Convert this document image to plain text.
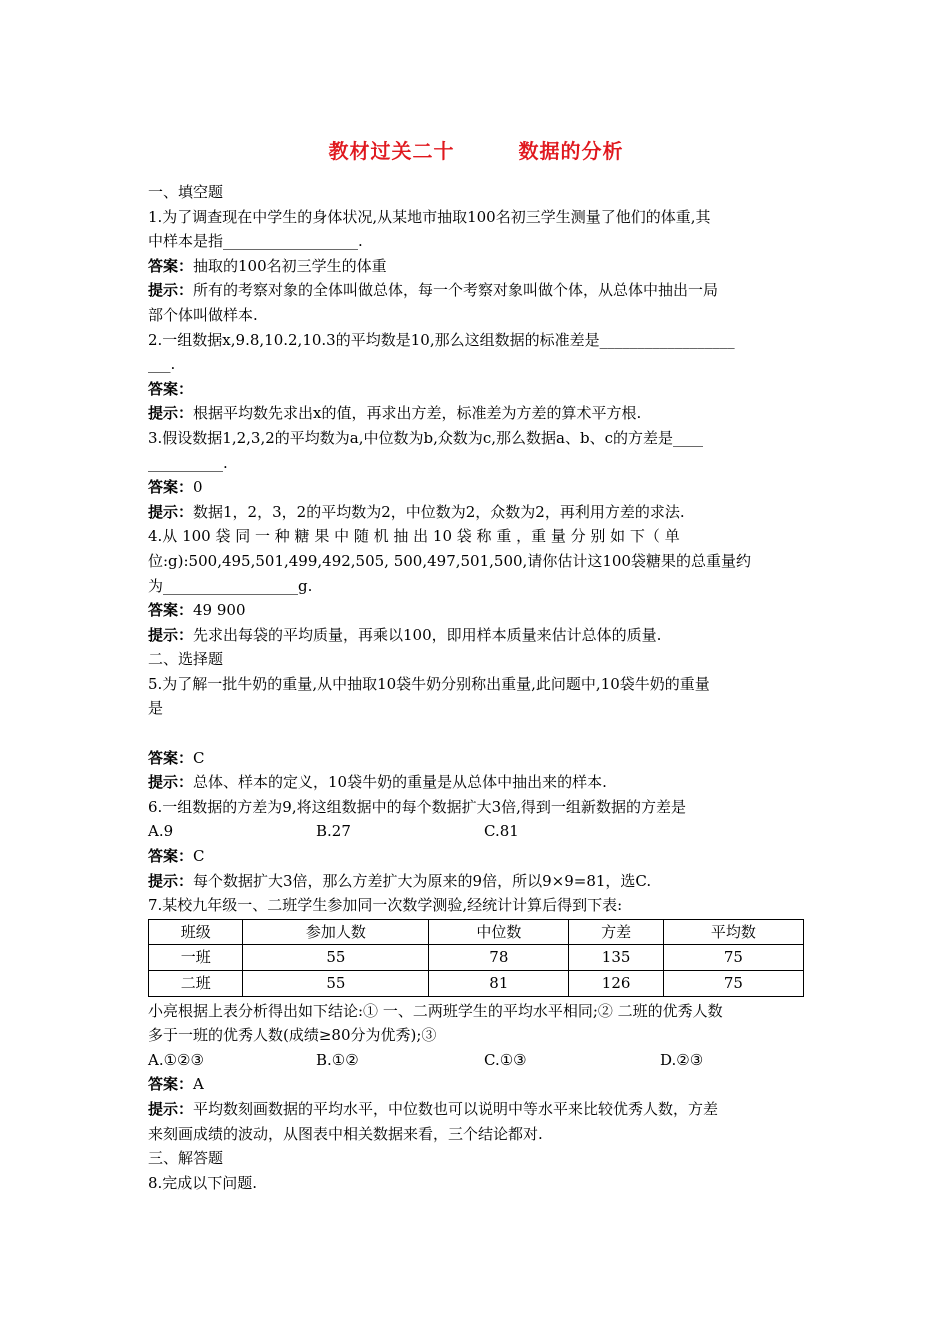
教材过关二十	数据的分析
一、填空题
1.为了调查现在中学生的身体状况,从某地市抽取100名初三学生测量了他们的体重,其
中样本是指__________________.
答案：抽取的100名初三学生的体重
提示：所有的考察对象的全体叫做总体，每一个考察对象叫做个体，从总体中抽出一局
部个体叫做样本.
2.一组数据x,9.8,10.2,10.3的平均数是10,那么这组数据的标准差是__________________
___.
答案：
提示：根据平均数先求出x的值，再求出方差，标准差为方差的算术平方根.
3.假设数据1,2,3,2的平均数为a,中位数为b,众数为c,那么数据a、b、c的方差是____
__________.
答案：0
提示：数据1，2，3，2的平均数为2，中位数为2，众数为2，再利用方差的求法.
4.从 100 袋 同 一 种 糖 果 中 随 机 抽 出 10 袋 称 重 ，重 量 分 别 如 下（ 单
位:g):500,495,501,499,492,505, 500,497,501,500,请你估计这100袋糖果的总重量约
为__________________g.
答案：49 900
提示：先求出每袋的平均质量，再乘以100，即用样本质量来估计总体的质量.
二、选择题
5.为了解一批牛奶的重量,从中抽取10袋牛奶分别称出重量,此问题中,10袋牛奶的重量
是
答案：C
提示：总体、样本的定义，10袋牛奶的重量是从总体中抽出来的样本.
6.一组数据的方差为9,将这组数据中的每个数据扩大3倍,得到一组新数据的方差是
A.9	B.27	C.81
答案：C
提示：每个数据扩大3倍，那么方差扩大为原来的9倍，所以9×9=81，选C.
7.某校九年级一、二班学生参加同一次数学测验,经统计计算后得到下表:
班级	参加人数	中位数	方差	平均数
一班	55	78	135	75
二班	55	81	126	75
小亮根据上表分析得出如下结论:① 一、二两班学生的平均水平相同;② 二班的优秀人数
多于一班的优秀人数(成绩≥80分为优秀);③
A.①②③	B.①②	C.①③	D.②③
答案：A
提示：平均数刻画数据的平均水平，中位数也可以说明中等水平来比较优秀人数，方差
来刻画成绩的波动，从图表中相关数据来看，三个结论都对.
三、解答题
8.完成以下问题.
